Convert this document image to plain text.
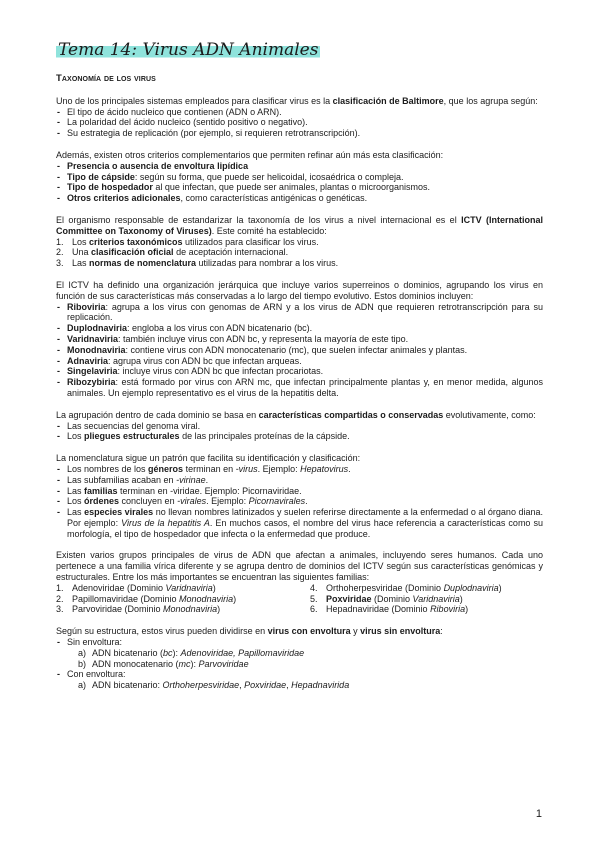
Tema 14: Virus ADN Animales
Taxonomía de los virus

Uno de los principales sistemas empleados para clasificar virus es la clasificación de Baltimore, que los agrupa según:

- El tipo de ácido nucleico que contienen (ADN o ARN).
- La polaridad del ácido nucleico (sentido positivo o negativo).
- Su estrategia de replicación (por ejemplo, si requieren retrotranscripción).

Además, existen otros criterios complementarios que permiten refinar aún más esta clasificación:

- Presencia o ausencia de envoltura lipídica
- Tipo de cápside: según su forma, que puede ser helicoidal, icosaédrica o compleja.
- Tipo de hospedador al que infectan, que puede ser animales, plantas o microorganismos.
- Otros criterios adicionales, como características antigénicas o genéticas.

El organismo responsable de estandarizar la taxonomía de los virus a nivel internacional es el ICTV (International Committee on Taxonomy of Viruses). Este comité ha establecido:

1. Los criterios taxonómicos utilizados para clasificar los virus.
2. Una clasificación oficial de aceptación internacional.
3. Las normas de nomenclatura utilizadas para nombrar a los virus.

El ICTV ha definido una organización jerárquica que incluye varios superreinos o dominios, agrupando los virus en función de sus características más conservadas a lo largo del tiempo evolutivo. Estos dominios incluyen:

- Riboviria: agrupa a los virus con genomas de ARN y a los virus de ADN que requieren retrotranscripción para su replicación.
- Duplodnaviria: engloba a los virus con ADN bicatenario (bc).
- Varidnaviria: también incluye virus con ADN bc, y representa la mayoría de este tipo.
- Monodnaviria: contiene virus con ADN monocatenario (mc), que suelen infectar animales y plantas.
- Adnaviria: agrupa virus con ADN bc que infectan arqueas.
- Singelaviria: incluye virus con ADN bc que infectan procariotas.
- Ribozybiria: está formado por virus con ARN mc, que infectan principalmente plantas y, en menor medida, algunos animales. Un ejemplo representativo es el virus de la hepatitis delta.

La agrupación dentro de cada dominio se basa en características compartidas o conservadas evolutivamente, como:

- Las secuencias del genoma viral.
- Los pliegues estructurales de las principales proteínas de la cápside.

La nomenclatura sigue un patrón que facilita su identificación y clasificación:

- Los nombres de los géneros terminan en -virus. Ejemplo: Hepatovirus.
- Las subfamilias acaban en -virinae.
- Las familias terminan en -viridae. Ejemplo: Picornaviridae.
- Los órdenes concluyen en -virales. Ejemplo: Picornavirales.
- Las especies virales no llevan nombres latinizados y suelen referirse directamente a la enfermedad o al órgano diana. Por ejemplo: Virus de la hepatitis A. En muchos casos, el nombre del virus hace referencia a características como su morfología, el tipo de hospedador que infecta o la enfermedad que produce.

Existen varios grupos principales de virus de ADN que afectan a animales, incluyendo seres humanos. Cada uno pertenece a una familia vírica diferente y se agrupa dentro de dominios del ICTV según sus características genómicas y estructurales. Entre los más importantes se encuentran las siguientes familias:

1. Adenoviridae (Dominio Varidnaviria)
2. Papillomaviridae (Dominio Monodnaviria)
3. Parvoviridae (Dominio Monodnaviria)
4. Orthoherpesviridae (Dominio Duplodnaviria)
5. Poxviridae (Dominio Varidnaviria)
6. Hepadnaviridae (Dominio Riboviria)

Según su estructura, estos virus pueden dividirse en virus con envoltura y virus sin envoltura:

- Sin envoltura:
a) ADN bicatenario (bc): Adenoviridae, Papillomaviridae
b) ADN monocatenario (mc): Parvoviridae
- Con envoltura:
a) ADN bicatenario: Orthoherpesviridae, Poxviridae, Hepadnavirida
1
